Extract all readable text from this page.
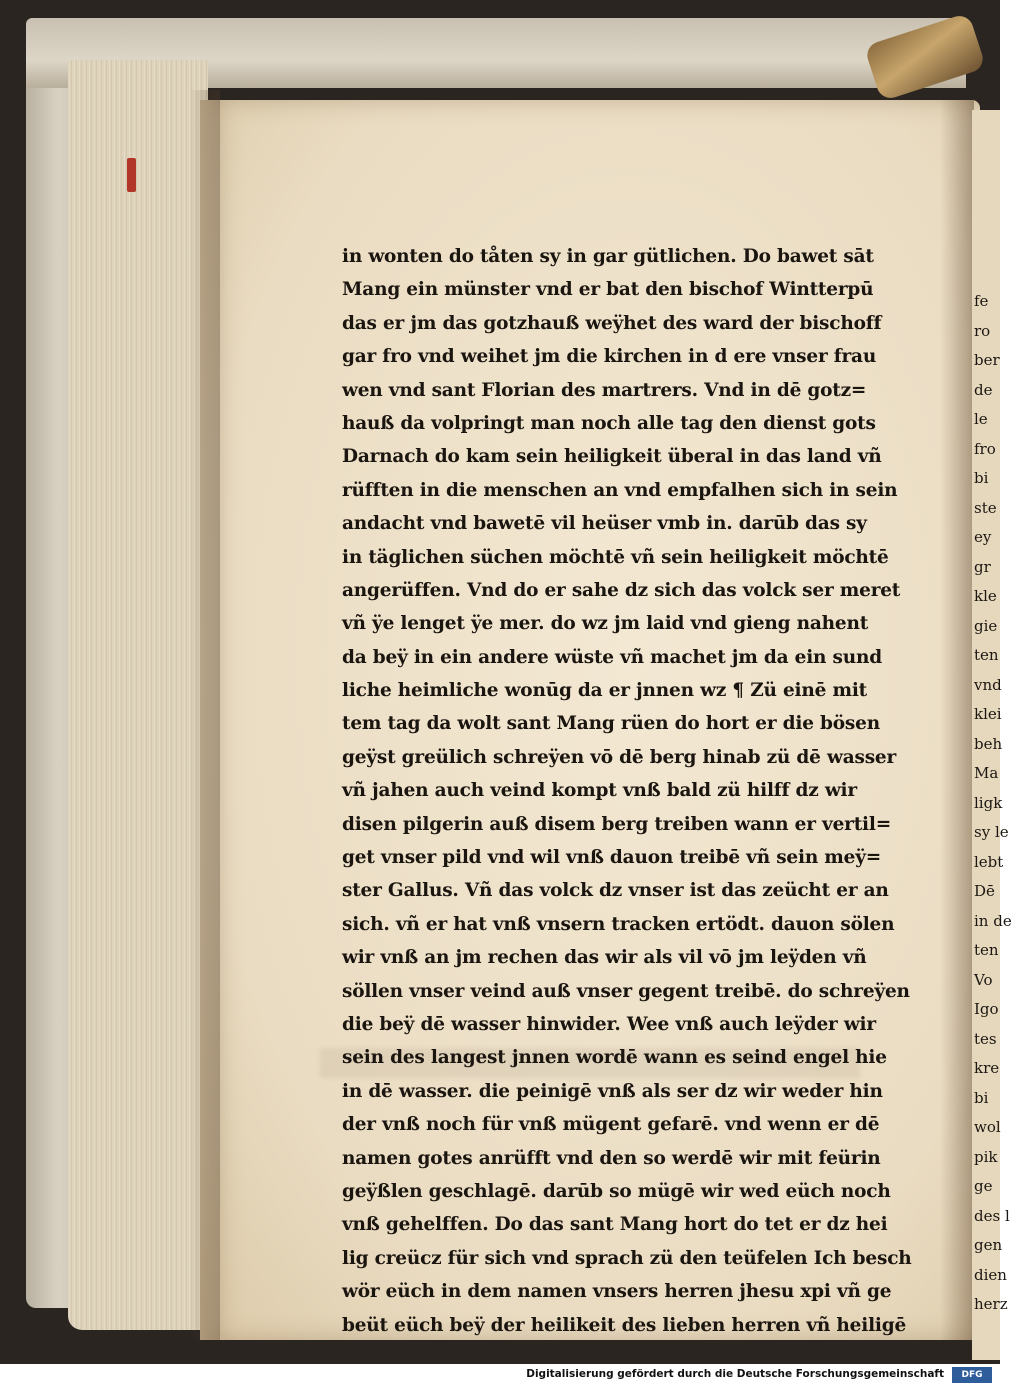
in wonten do tåten sy in gar gütlichen. Do bawet sāt

Mang ein münster vnd er bat den bischof Wintterpū

das er jm das gotzhauß weÿhet des ward der bischoff

gar fro vnd weihet jm die kirchen in d ere vnser frau

wen vnd sant Florian des martrers. Vnd in dē gotz=

hauß da volpringt man noch alle tag den dienst gots

Darnach do kam sein heiligkeit überal in das land vñ

rüfften in die menschen an vnd empfalhen sich in sein

andacht vnd bawetē vil heüser vmb in. darūb das sy

in täglichen süchen möchtē vñ sein heiligkeit möchtē

angerüffen. Vnd do er sahe dz sich das volck ser meret

vñ ÿe lenget ÿe mer. do wz jm laid vnd gieng nahent

da beÿ in ein andere wüste vñ machet jm da ein sund

liche heimliche wonūg da er jnnen wz ¶ Zü einē mit

tem tag da wolt sant Mang rüen do hort er die bösen

geÿst greülich schreÿen vō dē berg hinab zü dē wasser

vñ jahen auch veind kompt vnß bald zü hilff dz wir

disen pilgerin auß disem berg treiben wann er vertil=

get vnser pild vnd wil vnß dauon treibē vñ sein meÿ=

ster Gallus. Vñ das volck dz vnser ist das zeücht er an

sich. vñ er hat vnß vnsern tracken ertödt. dauon sölen

wir vnß an jm rechen das wir als vil vō jm leÿden vñ

söllen vnser veind auß vnser gegent treibē. do schreÿen

die beÿ dē wasser hinwider. Wee vnß auch leÿder wir

sein des langest jnnen wordē wann es seind engel hie

in dē wasser. die peinigē vnß als ser dz wir weder hin

der vnß noch für vnß mügent gefarē. vnd wenn er dē

namen gotes anrüfft vnd den so werdē wir mit feürin

geÿßlen geschlagē. darūb so mügē wir wed eüch noch

vnß gehelffen. Do das sant Mang hort do tet er dz hei

lig creücz für sich vnd sprach zü den teüfelen Ich besch

wör eüch in dem namen vnsers herren jhesu xpi vñ ge

beüt eüch beÿ der heilikeit des lieben herren vñ heiligē

fe

ro

ber

de

le

fro

bi

ste

ey

gr

kle

gie

ten

vnd

klei

beh

Ma

ligk

sy le

lebt

Dē

in de

ten

Vo

Igo

tes

kre

bi

wol

pik

ge

des l

gen

dien

herz

Digitalisierung gefördert durch die Deutsche Forschungsgemeinschaft	DFG
